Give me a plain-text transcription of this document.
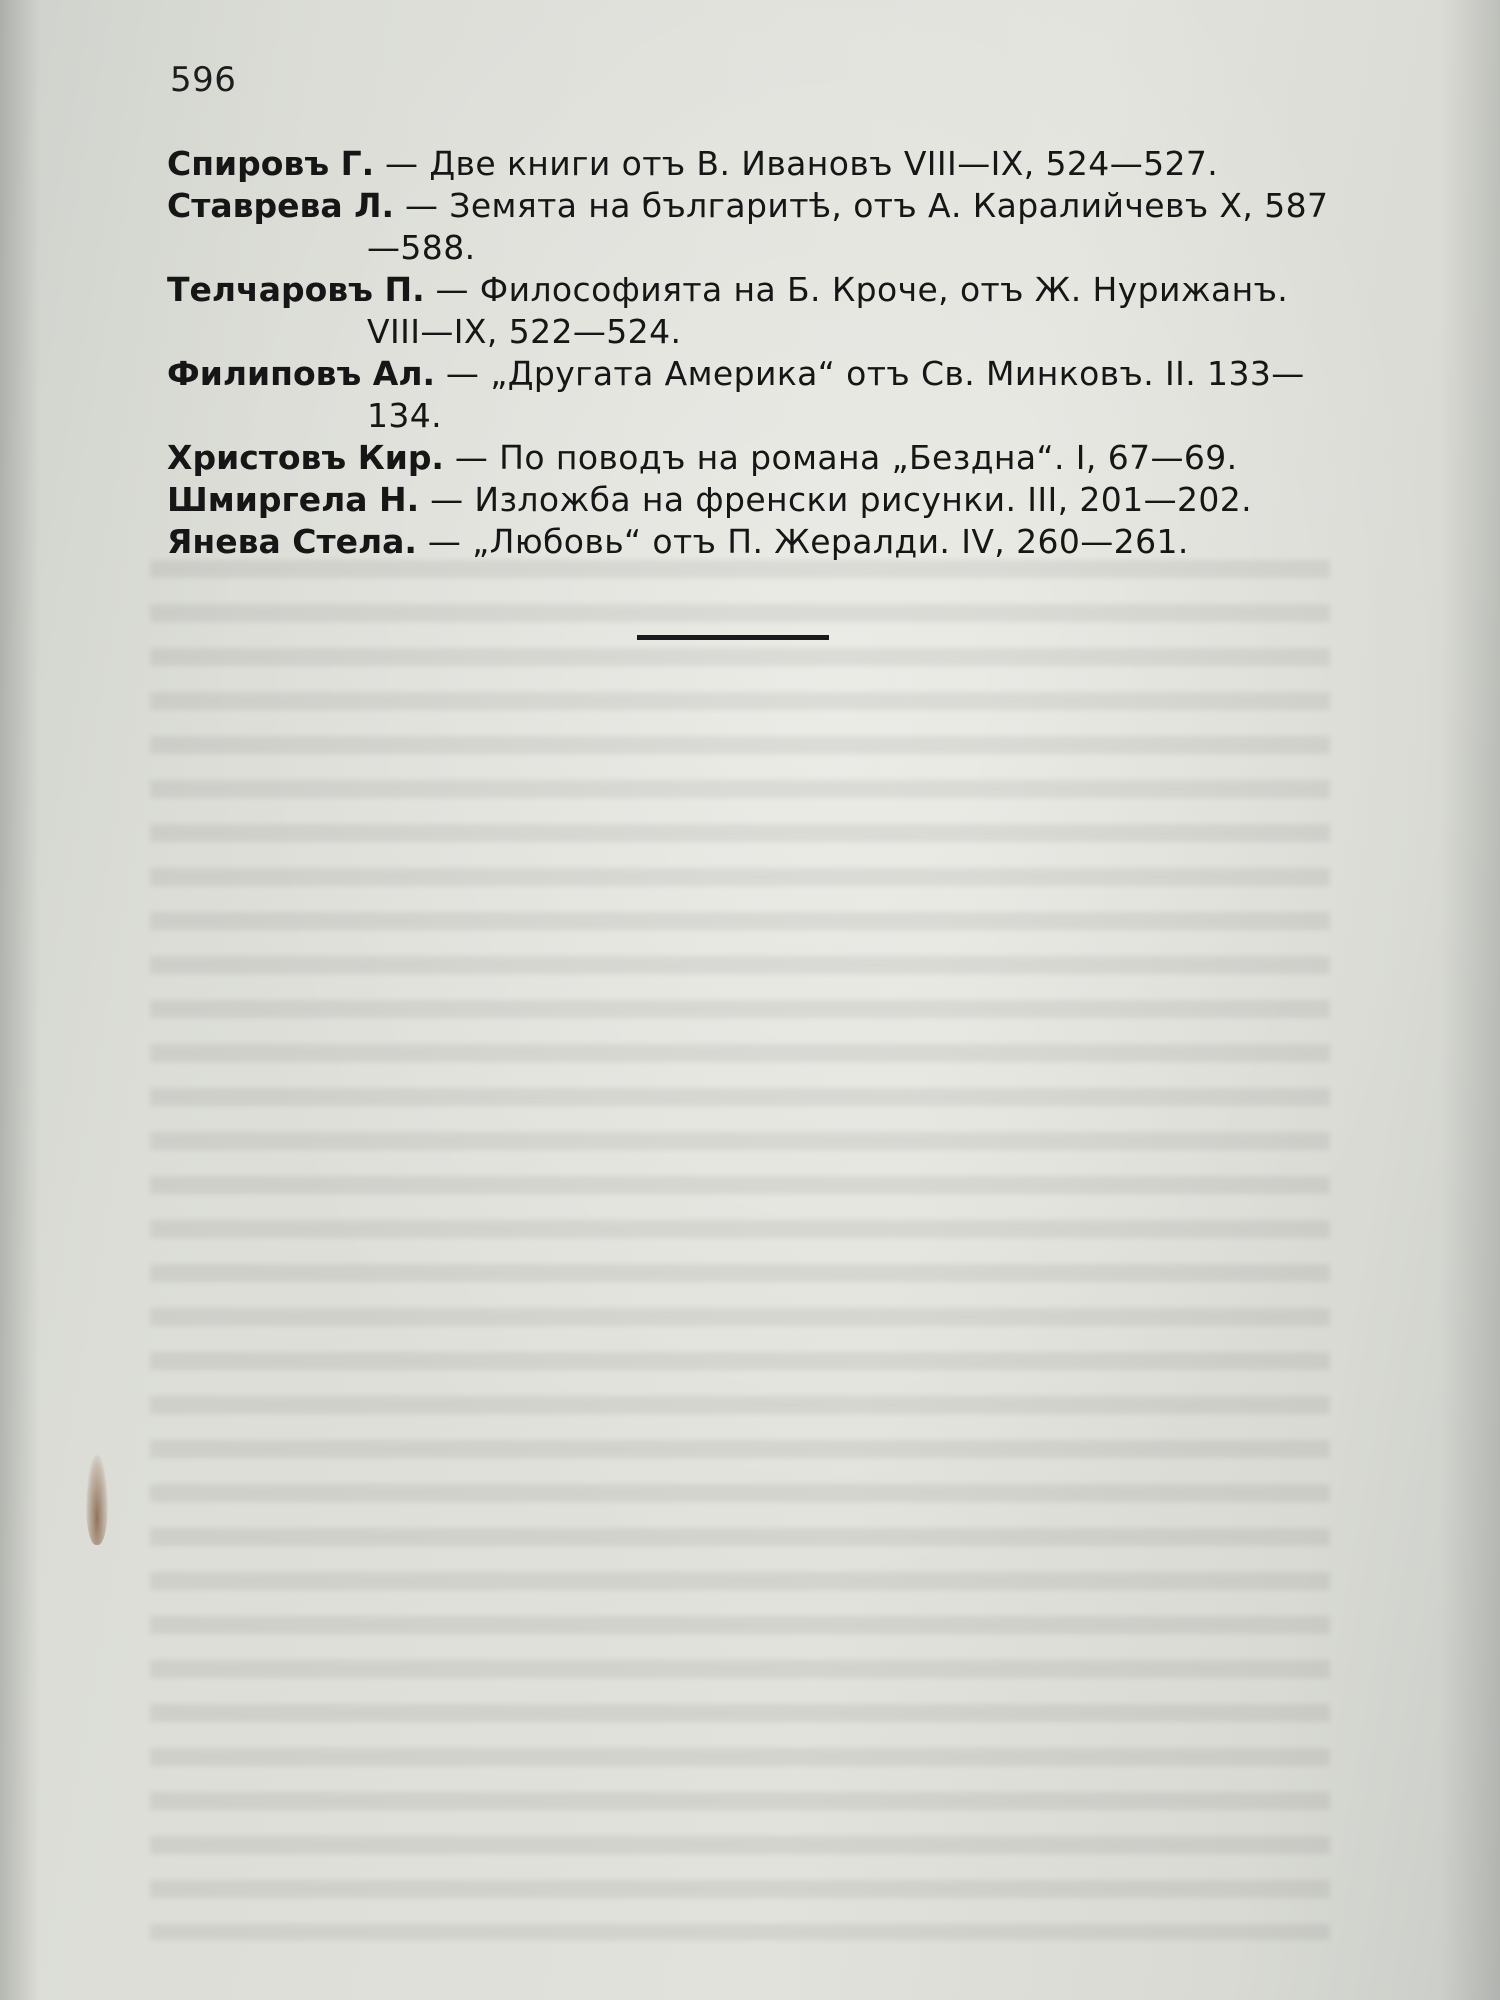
596

Спировъ Г. — Две книги отъ В. Ивановъ VIII—IX, 524—527.
Ставрева Л. — Земята на българитѣ, отъ А. Каралийчевъ Х, 587—588.
Телчаровъ П. — Философията на Б. Кроче, отъ Ж. Нурижанъ. VIII—IX, 522—524.
Филиповъ Ал. — „Другата Америка“ отъ Св. Минковъ. II. 133—134.
Христовъ Кир. — По поводъ на романа „Бездна“. I, 67—69.
Шмиргела Н. — Изложба на френски рисунки. III, 201—202.
Янева Стела. — „Любовь“ отъ П. Жералди. IV, 260—261.
